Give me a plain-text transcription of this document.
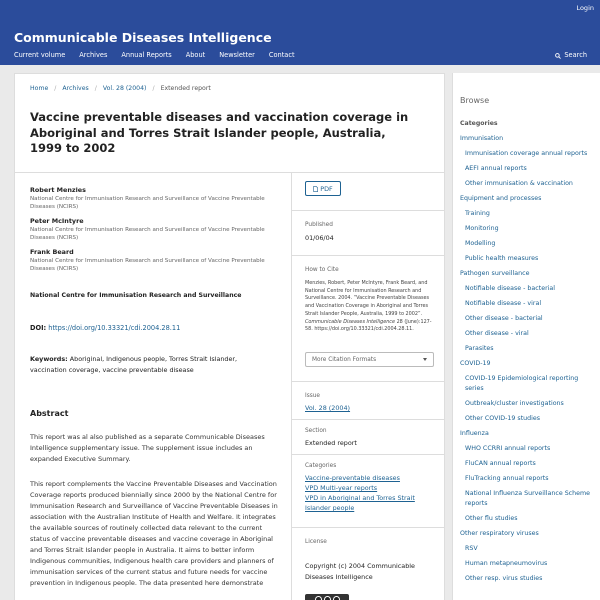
Login
Communicable Diseases Intelligence
Current volume Archives Annual Reports About Newsletter Contact	Search
Home / Archives / Vol. 28 (2004) / Extended report
Vaccine preventable diseases and vaccination coverage in Aboriginal and Torres Strait Islander people, Australia, 1999 to 2002
Robert Menzies
National Centre for Immunisation Research and Surveillance of Vaccine Preventable Diseases (NCIRS)
Peter McIntyre
National Centre for Immunisation Research and Surveillance of Vaccine Preventable Diseases (NCIRS)
Frank Beard
National Centre for Immunisation Research and Surveillance of Vaccine Preventable Diseases (NCIRS)
National Centre for Immunisation Research and Surveillance
DOI: https://doi.org/10.33321/cdi.2004.28.11
Keywords: Aboriginal, Indigenous people, Torres Strait Islander, vaccination coverage, vaccine preventable disease
Abstract

This report was al also published as a separate Communicable Diseases Intelligence supplementary issue. The supplement issue includes an expanded Executive Summary.

This report complements the Vaccine Preventable Diseases and Vaccination Coverage reports produced biennially since 2000 by the National Centre for Immunisation Research and Surveillance of Vaccine Preventable Diseases in association with the Australian Institute of Health and Welfare. It integrates the available sources of routinely collected data relevant to the current status of vaccine preventable diseases and vaccine coverage in Aboriginal and Torres Strait Islander people in Australia. It aims to better inform Indigenous communities, Indigenous health care providers and planners of immunisation services of the current status and future needs for vaccine prevention in Indigenous people. The data presented here demonstrate

PDF
Published
01/06/04
How to Cite
Menzies, Robert, Peter McIntyre, Frank Beard, and National Centre for Immunisation Research and Surveillance. 2004. “Vaccine Preventable Diseases and Vaccination Coverage in Aboriginal and Torres Strait Islander People, Australia, 1999 to 2002”. Communicable Diseases Intelligence 28 (June):127-58. https://doi.org/10.33321/cdi.2004.28.11.
More Citation Formats
Issue
Vol. 28 (2004)
Section
Extended report
Categories
Vaccine-preventable diseases
VPD Multi-year reports
VPD in Aboriginal and Torres Strait Islander people
License
Copyright (c) 2004 Communicable Diseases Intelligence
Browse
Categories
Immunisation
Immunisation coverage annual reports
AEFI annual reports
Other immunisation & vaccination
Equipment and processes
Training
Monitoring
Modelling
Public health measures
Pathogen surveillance
Notifiable disease - bacterial
Notifiable disease - viral
Other disease - bacterial
Other disease - viral
Parasites
COVID-19
COVID-19 Epidemiological reporting series
Outbreak/cluster investigations
Other COVID-19 studies
Influenza
WHO CCRRI annual reports
FluCAN annual reports
FluTracking annual reports
National Influenza Surveillance Scheme reports
Other flu studies
Other respiratory viruses
RSV
Human metapneumovirus
Other resp. virus studies
